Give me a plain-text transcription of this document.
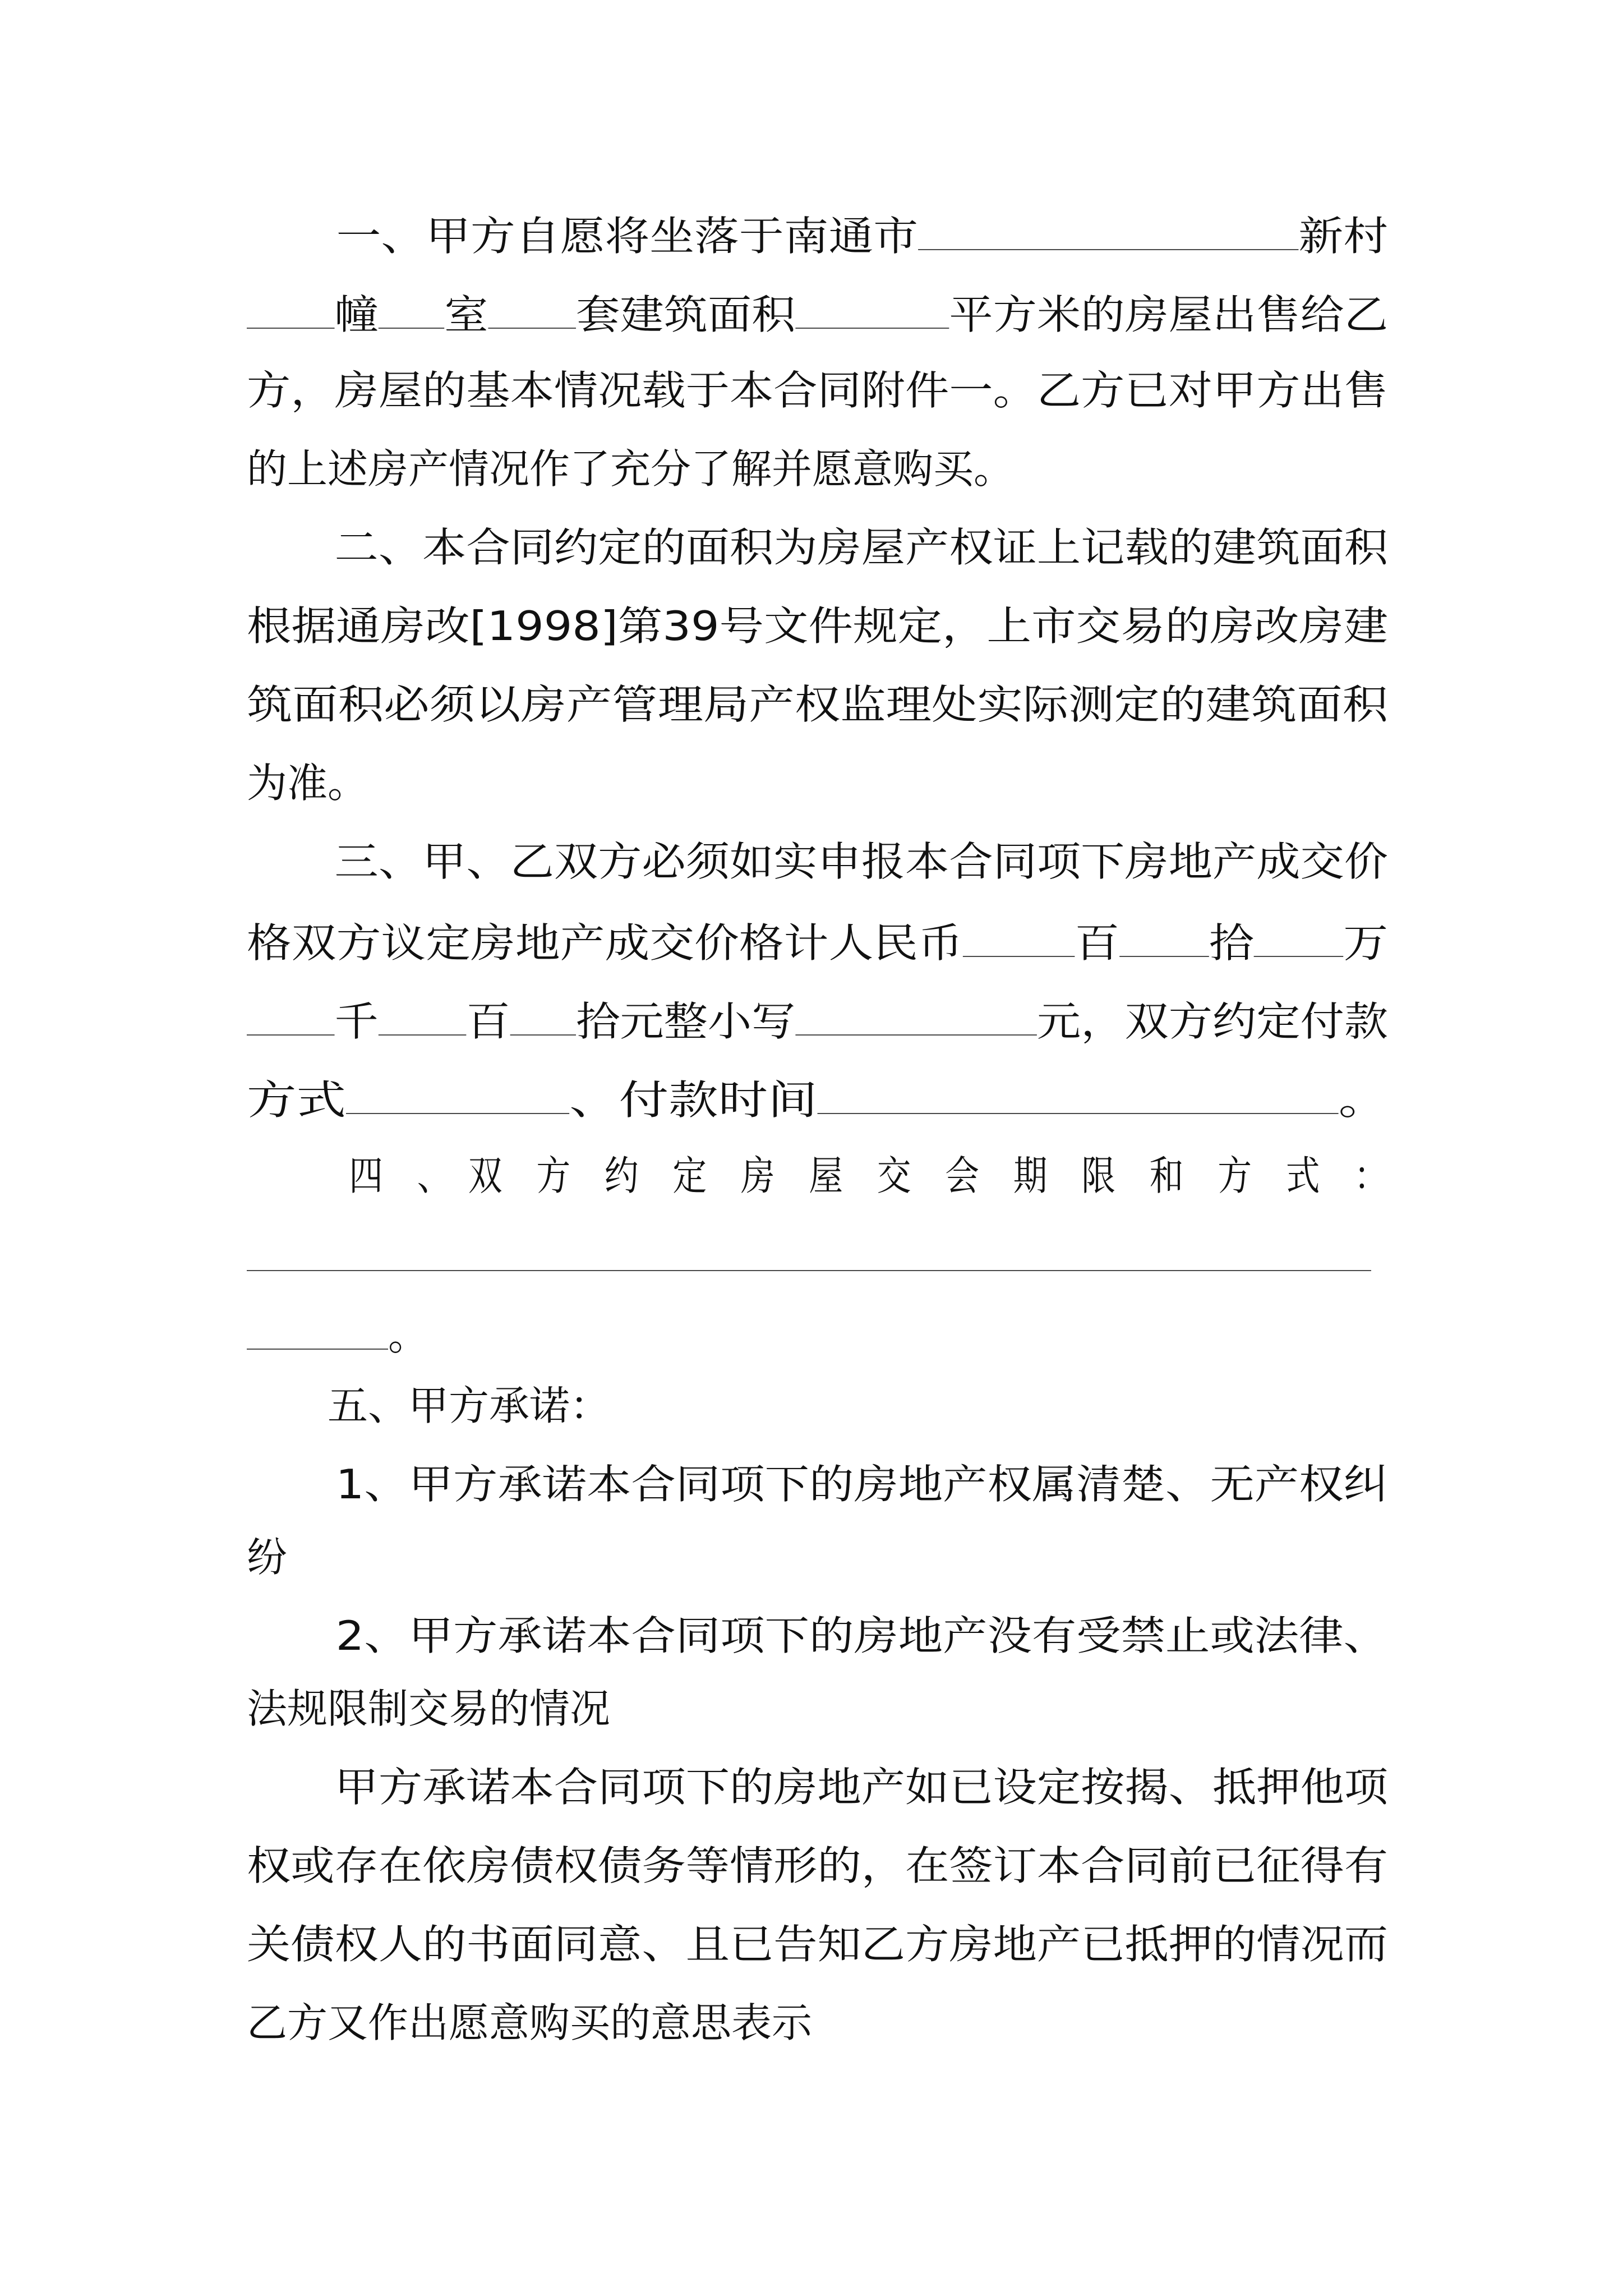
　　一、甲方自愿将坐落于南通市	新村

幢 室 套建筑面积	平方米的房屋出售给乙

方，房屋的基本情况载于本合同附件一。乙方已对甲方出售

的上述房产情况作了充分了解并愿意购买。

　　二、本合同约定的面积为房屋产权证上记载的建筑面积

根据通房改[1998]第39号文件规定，上市交易的房改房建

筑面积必须以房产管理局产权监理处实际测定的建筑面积

为准。

　　三、甲、乙双方必须如实申报本合同项下房地产成交价

格双方议定房地产成交价格计人民币	百 拾 万

千 百 拾元整小写	元，双方约定付款

方式	、付款时间	。

　　　四　、　双　方　约　定　房　屋　交　会　期　限　和　方　式　：

。

　　五、甲方承诺：

　　1、甲方承诺本合同项下的房地产权属清楚、无产权纠

纷

　　2、甲方承诺本合同项下的房地产没有受禁止或法律、

法规限制交易的情况

　　甲方承诺本合同项下的房地产如已设定按揭、抵押他项

权或存在依房债权债务等情形的，在签订本合同前已征得有

关债权人的书面同意、且已告知乙方房地产已抵押的情况而

乙方又作出愿意购买的意思表示
